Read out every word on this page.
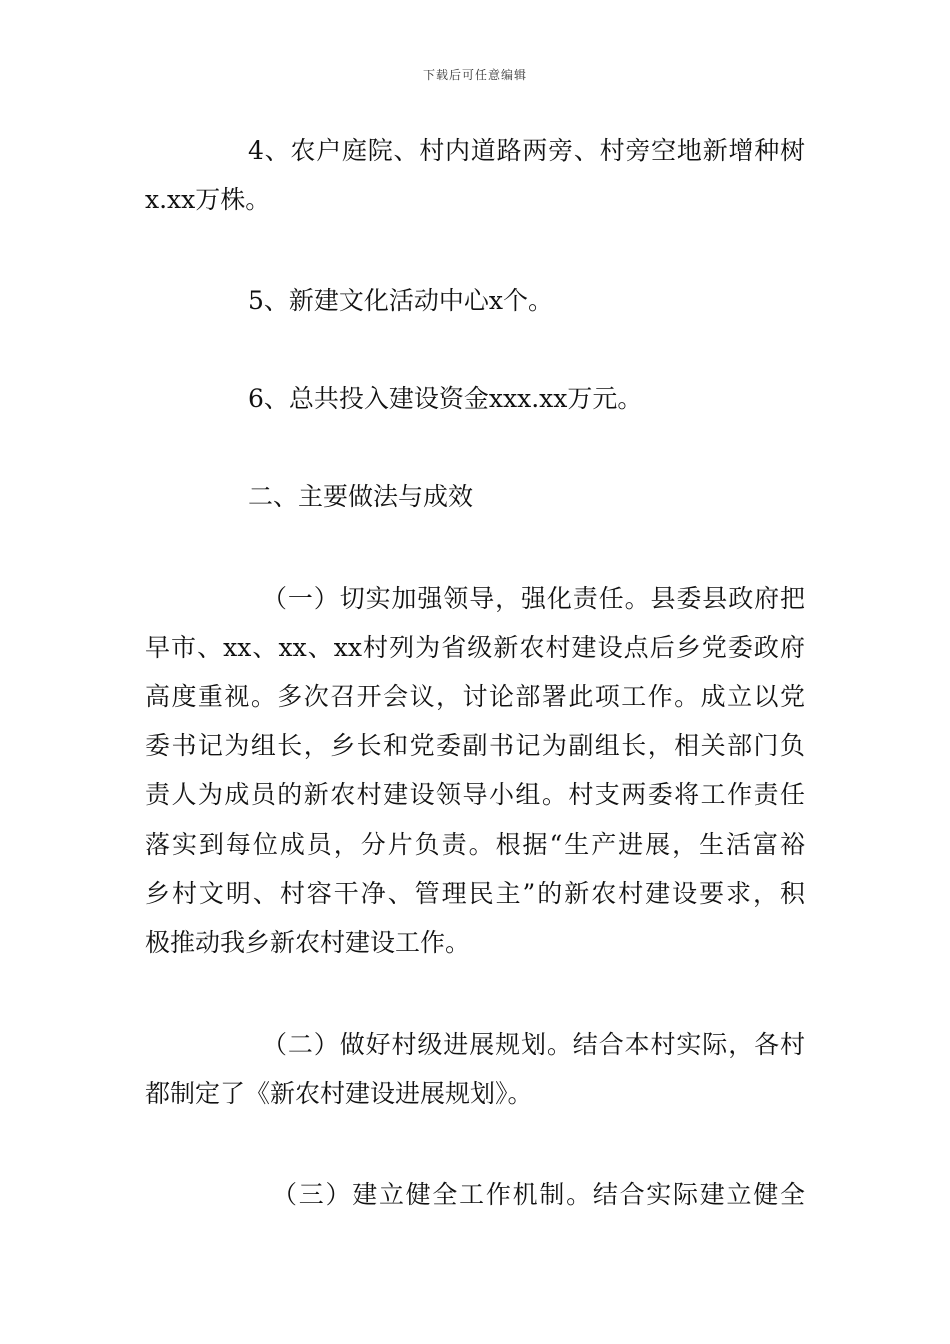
下载后可任意编辑
4、农户庭院、村内道路两旁、村旁空地新增种树
x.xx万株。
5、新建文化活动中心x个。
6、总共投入建设资金xxx.xx万元。
二、主要做法与成效
（一）切实加强领导，强化责任。县委县政府把
早市、xx、xx、xx村列为省级新农村建设点后乡党委政府
高度重视。多次召开会议，讨论部署此项工作。成立以党
委书记为组长，乡长和党委副书记为副组长，相关部门负
责人为成员的新农村建设领导小组。村支两委将工作责任
落实到每位成员，分片负责。根据“生产进展，生活富裕
乡村文明、村容干净、管理民主”的新农村建设要求，积
极推动我乡新农村建设工作。
（二）做好村级进展规划。结合本村实际，各村
都制定了《新农村建设进展规划》。
（三）建立健全工作机制。结合实际建立健全
